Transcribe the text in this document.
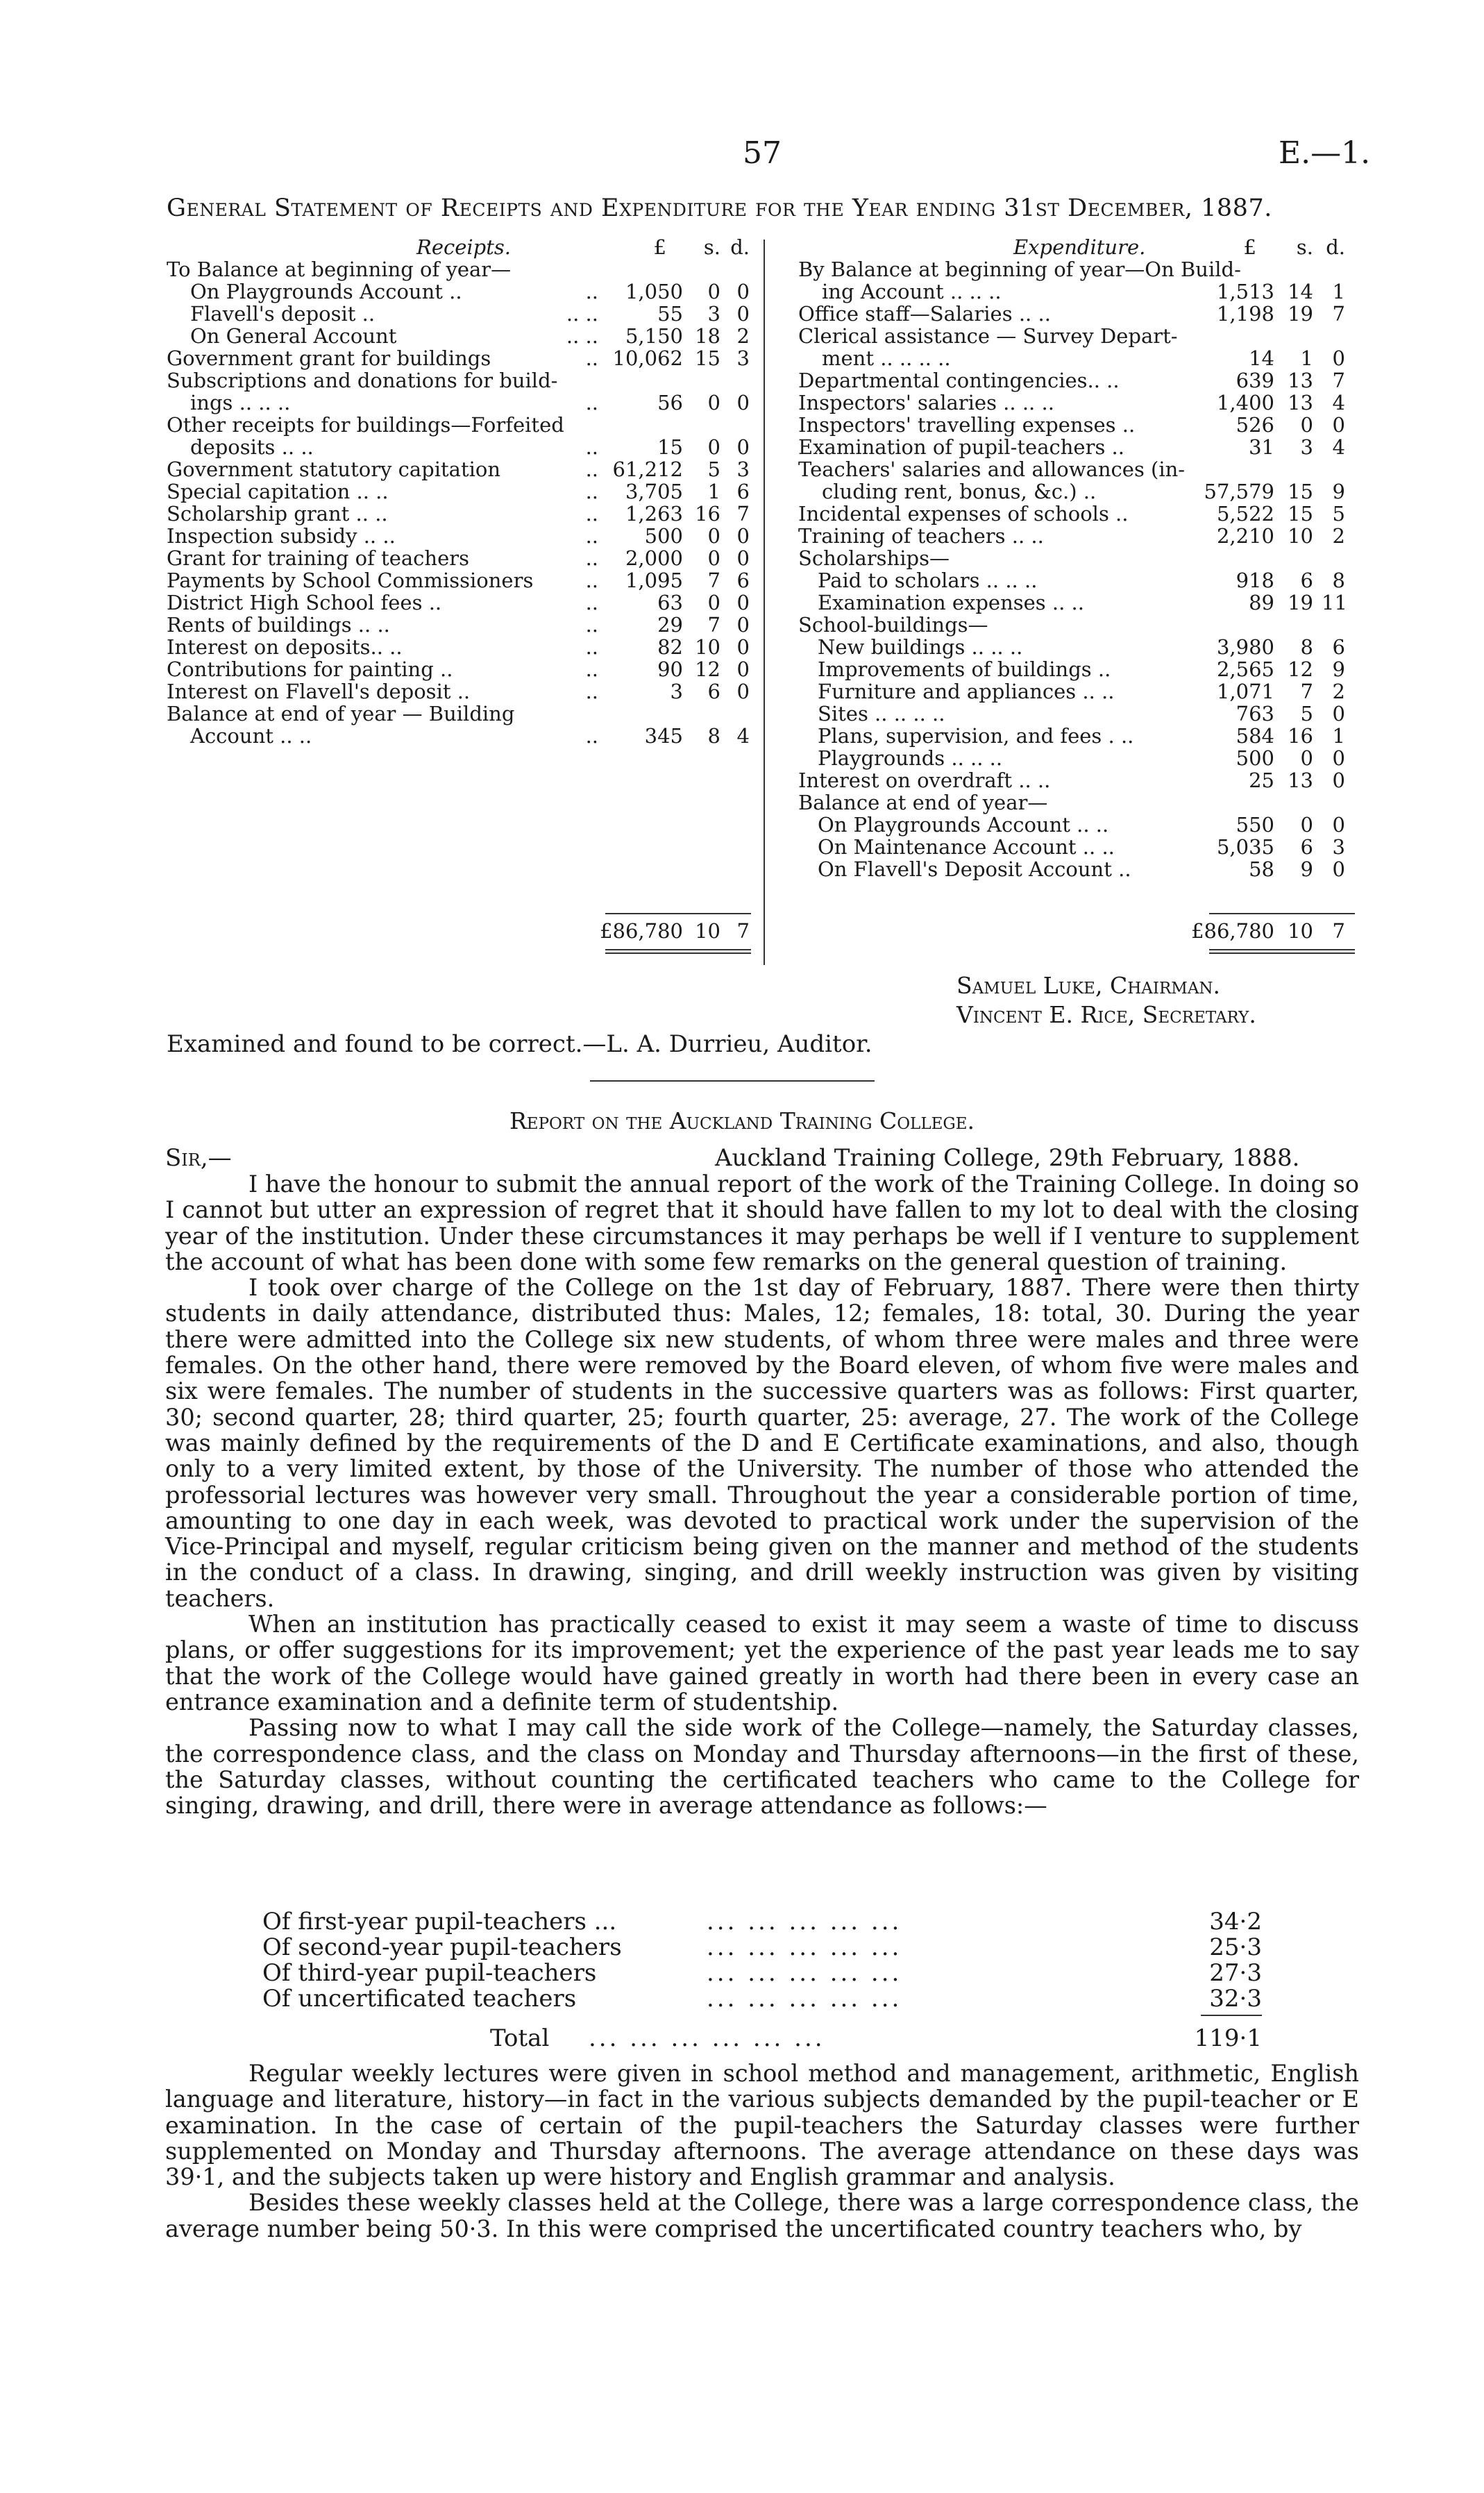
57	E.—1.
General Statement of Receipts and Expenditure for the Year ending 31st December, 1887.
Receipts.	£	s. d.
To Balance at beginning of year—
On Playgrounds Account ..	.. 1,050	0 0
Flavell's deposit ..	.. ..	55	3 0
On General Account	.. .. 5,150 18 2
Government grant for buildings	.. 10,062 15 3
Subscriptions and donations for build-
ings .. .. ..	..	56	0 0
Other receipts for buildings—Forfeited
deposits .. ..	..	15	0 0
Government statutory capitation	.. 61,212	5 3
Special capitation .. ..	.. 3,705	1 6
Scholarship grant .. ..	.. 1,263 16 7
Inspection subsidy .. ..	.. 500	0 0
Grant for training of teachers	.. 2,000	0 0
Payments by School Commissioners	.. 1,095	7 6
District High School fees ..	..	63	0 0
Rents of buildings .. ..	..	29	7 0
Interest on deposits.. ..	..	82 10 0
Contributions for painting ..	..	90 12 0
Interest on Flavell's deposit ..	..	3	6 0
Balance at end of year — Building
Account .. ..	.. 345	8 4
Expenditure.	£	s. d.
By Balance at beginning of year—On Build-
ing Account .. .. ..	1,513 14 1
Office staff—Salaries .. ..	1,198 19 7
Clerical assistance — Survey Depart-
ment .. .. .. ..	14	1 0
Departmental contingencies.. ..	639 13 7
Inspectors' salaries .. .. ..	1,400 13 4
Inspectors' travelling expenses ..	526	0 0
Examination of pupil-teachers ..	31	3 4
Teachers' salaries and allowances (in-
cluding rent, bonus, &c.) ..	57,579 15 9
Incidental expenses of schools ..	5,522 15 5
Training of teachers .. ..	2,210 10 2
Scholarships—
Paid to scholars .. .. ..	918	6 8
Examination expenses .. ..	89 19 11
School-buildings—
New buildings .. .. ..	3,980	8 6
Improvements of buildings ..	2,565 12 9
Furniture and appliances .. ..	1,071	7 2
Sites .. .. .. ..	763	5 0
Plans, supervision, and fees . ..	584 16 1
Playgrounds .. .. ..	500	0 0
Interest on overdraft .. ..	25 13 0
Balance at end of year—
On Playgrounds Account .. ..	550	0 0
On Maintenance Account .. ..	5,035	6 3
On Flavell's Deposit Account ..	58	9 0
£86,780 10 7	£86,780 10 7
Samuel Luke, Chairman.
Vincent E. Rice, Secretary.
Examined and found to be correct.—L. A. Durrieu, Auditor.
Report on the Auckland Training College.
Sir,—	Auckland Training College, 29th February, 1888.

I have the honour to submit the annual report of the work of the Training College. In doing so I cannot but utter an expression of regret that it should have fallen to my lot to deal with the closing year of the institution. Under these circumstances it may perhaps be well if I venture to supplement the account of what has been done with some few remarks on the general question of training.

I took over charge of the College on the 1st day of February, 1887. There were then thirty students in daily attendance, distributed thus: Males, 12; females, 18: total, 30. During the year there were admitted into the College six new students, of whom three were males and three were females. On the other hand, there were removed by the Board eleven, of whom five were males and six were females. The number of students in the successive quarters was as follows: First quarter, 30; second quarter, 28; third quarter, 25; fourth quarter, 25: average, 27. The work of the College was mainly defined by the requirements of the D and E Certificate examinations, and also, though only to a very limited extent, by those of the University. The number of those who attended the professorial lectures was however very small. Throughout the year a considerable portion of time, amounting to one day in each week, was devoted to practical work under the supervision of the Vice-Principal and myself, regular criticism being given on the manner and method of the students in the conduct of a class. In drawing, singing, and drill weekly instruction was given by visiting teachers.

When an institution has practically ceased to exist it may seem a waste of time to discuss plans, or offer suggestions for its improvement; yet the experience of the past year leads me to say that the work of the College would have gained greatly in worth had there been in every case an entrance examination and a definite term of studentship.

Passing now to what I may call the side work of the College—namely, the Saturday classes, the correspondence class, and the class on Monday and Thursday afternoons—in the first of these, the Saturday classes, without counting the certificated teachers who came to the College for singing, drawing, and drill, there were in average attendance as follows:—

Of first-year pupil-teachers ...	... ... ... ... ...	34·2
Of second-year pupil-teachers	... ... ... ... ...	25·3
Of third-year pupil-teachers	... ... ... ... ...	27·3
Of uncertificated teachers	... ... ... ... ...	32·3
Total ... ... ... ... ... ...	119·1

Regular weekly lectures were given in school method and management, arithmetic, English language and literature, history—in fact in the various subjects demanded by the pupil-teacher or E examination. In the case of certain of the pupil-teachers the Saturday classes were further supplemented on Monday and Thursday afternoons. The average attendance on these days was 39·1, and the subjects taken up were history and English grammar and analysis.

Besides these weekly classes held at the College, there was a large correspondence class, the average number being 50·3. In this were comprised the uncertificated country teachers who, by
